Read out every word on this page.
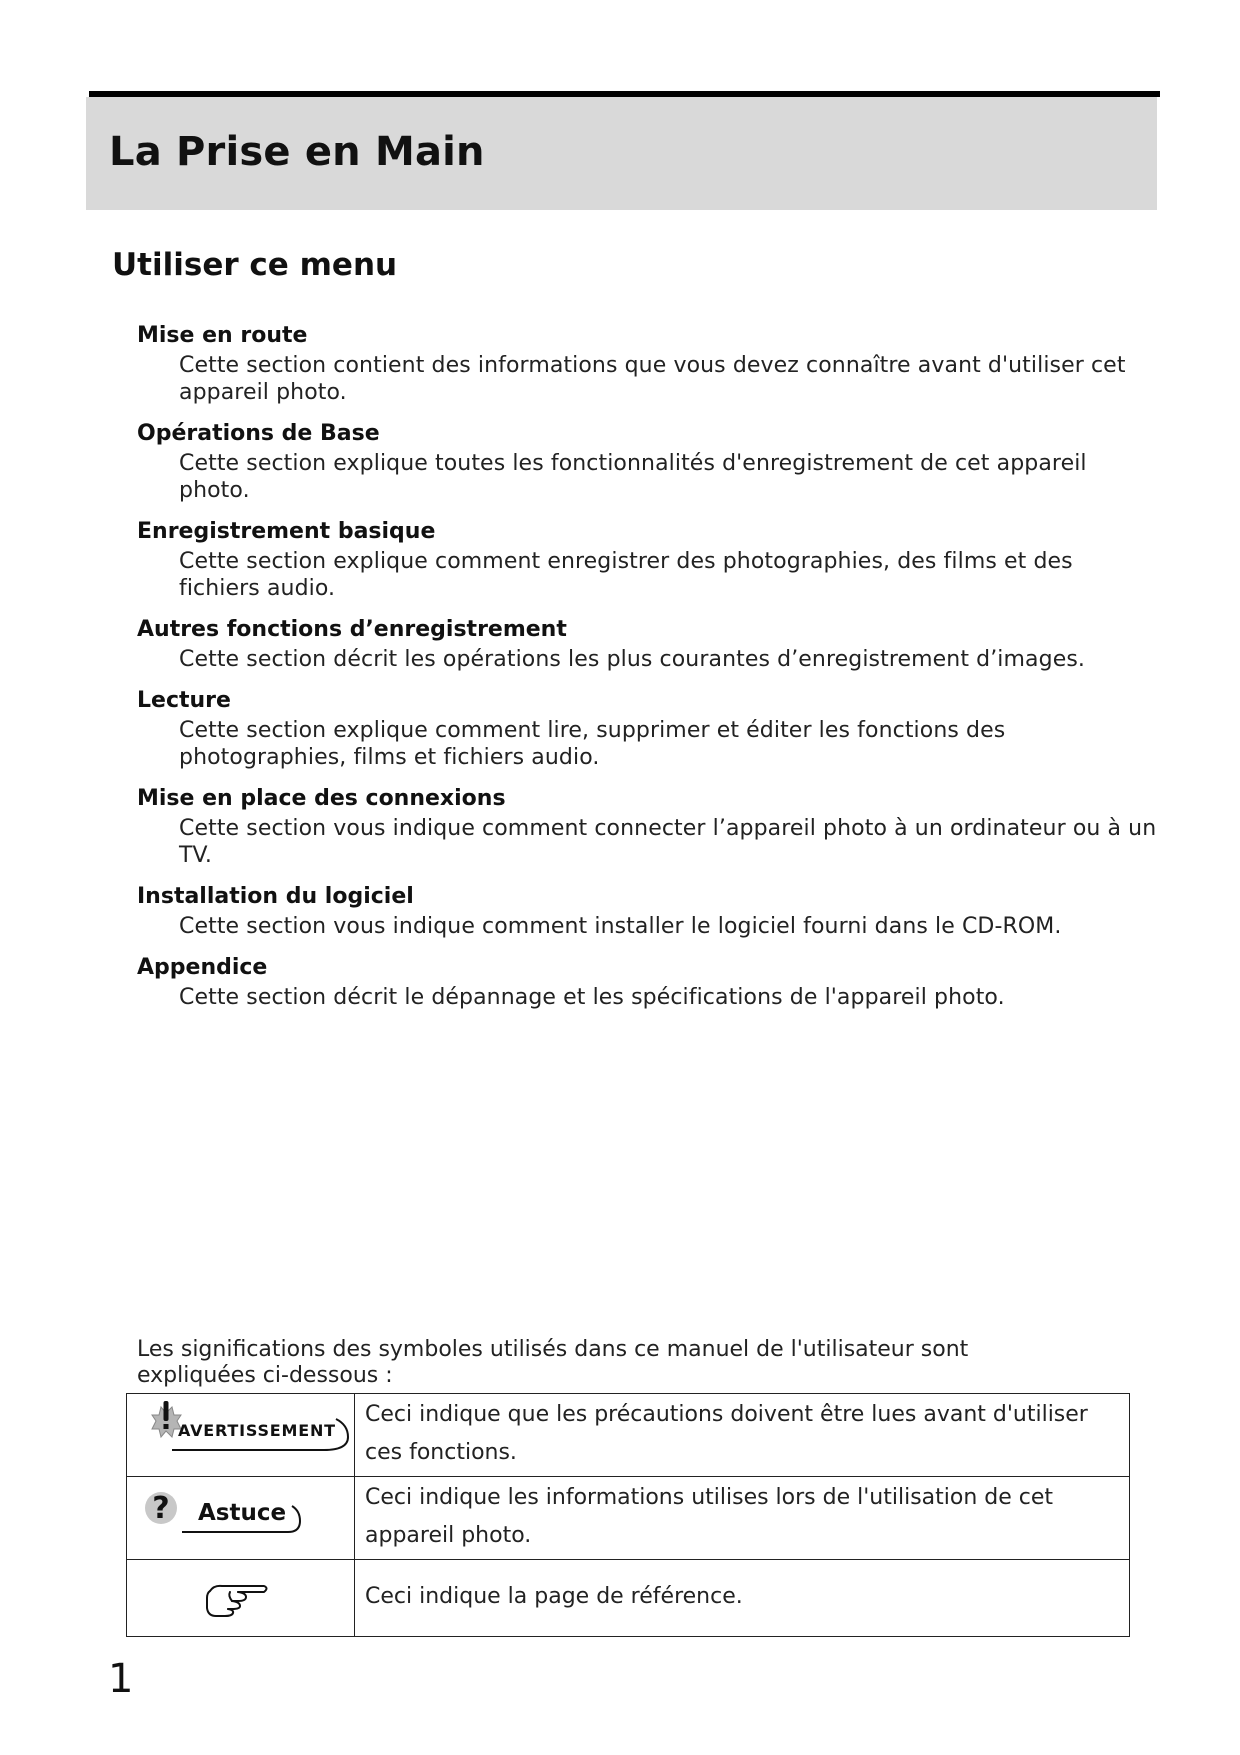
La Prise en Main
Utiliser ce menu
Mise en route
Cette section contient des informations que vous devez connaître avant d'utiliser cet appareil photo.
Opérations de Base
Cette section explique toutes les fonctionnalités d'enregistrement de cet appareil photo.
Enregistrement basique
Cette section explique comment enregistrer des photographies, des films et des fichiers audio.
Autres fonctions d’enregistrement
Cette section décrit les opérations les plus courantes d’enregistrement d’images.
Lecture
Cette section explique comment lire, supprimer et éditer les fonctions des photographies, films et fichiers audio.
Mise en place des connexions
Cette section vous indique comment connecter l’appareil photo à un ordinateur ou à un TV.
Installation du logiciel
Cette section vous indique comment installer le logiciel fourni dans le CD-ROM.
Appendice
Cette section décrit le dépannage et les spécifications de l'appareil photo.
Les significations des symboles utilisés dans ce manuel de l'utilisateur sont expliquées ci-dessous :
AVERTISSEMENT	Ceci indique que les précautions doivent être lues avant d'utiliser ces fonctions.

? Astuce	Ceci indique les informations utilises lors de l'utilisation de cet appareil photo.

	Ceci indique la page de référence.
1
